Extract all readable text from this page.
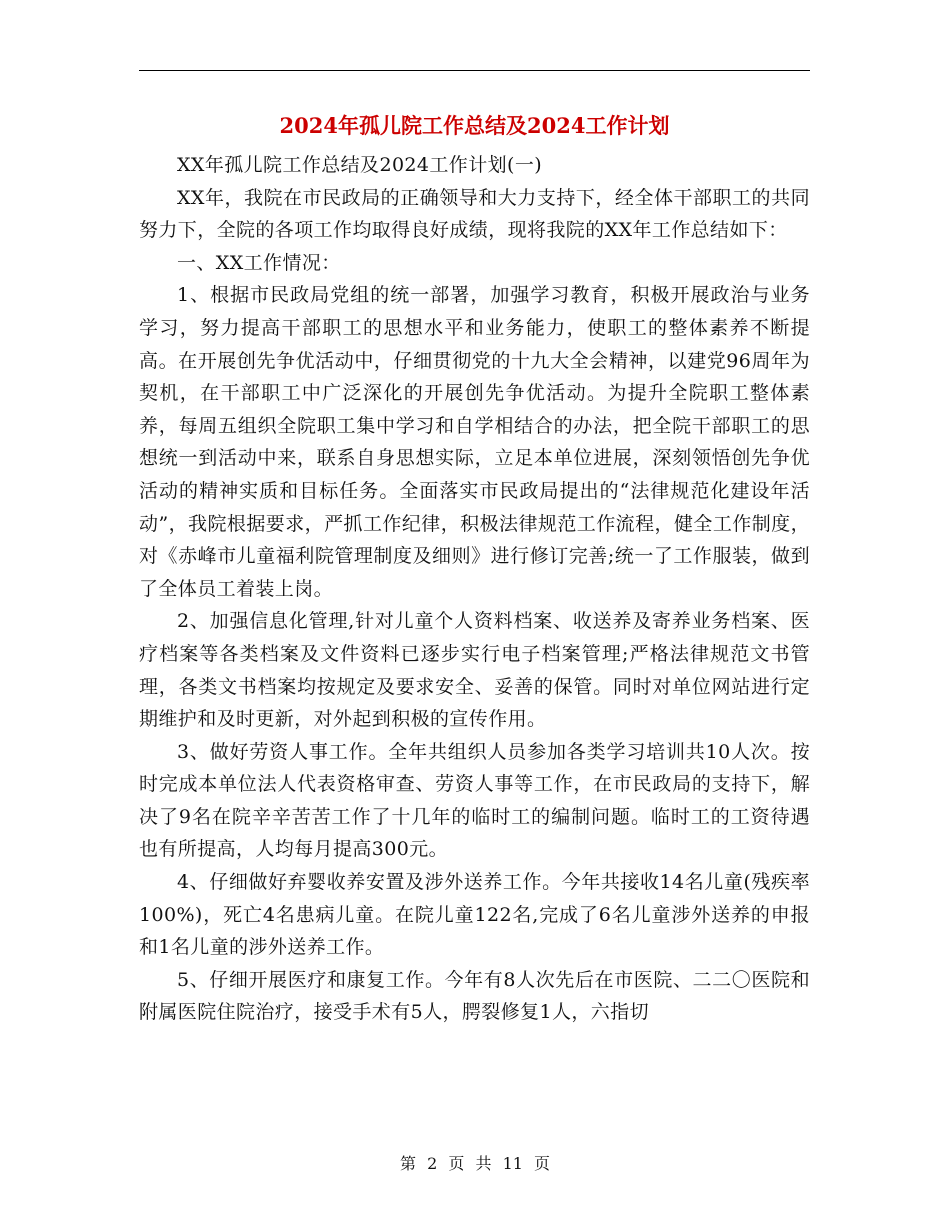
2024年孤儿院工作总结及2024工作计划

XX年孤儿院工作总结及2024工作计划(一)

XX年，我院在市民政局的正确领导和大力支持下，经全体干部职工的共同努力下，全院的各项工作均取得良好成绩，现将我院的XX年工作总结如下：

一、XX工作情况：

1、根据市民政局党组的统一部署，加强学习教育，积极开展政治与业务学习，努力提高干部职工的思想水平和业务能力，使职工的整体素养不断提高。在开展创先争优活动中，仔细贯彻党的十九大全会精神，以建党96周年为契机，在干部职工中广泛深化的开展创先争优活动。为提升全院职工整体素养，每周五组织全院职工集中学习和自学相结合的办法，把全院干部职工的思想统一到活动中来，联系自身思想实际，立足本单位进展，深刻领悟创先争优活动的精神实质和目标任务。全面落实市民政局提出的“法律规范化建设年活动”，我院根据要求，严抓工作纪律，积极法律规范工作流程，健全工作制度，对《赤峰市儿童福利院管理制度及细则》进行修订完善;统一了工作服装，做到了全体员工着装上岗。

2、加强信息化管理,针对儿童个人资料档案、收送养及寄养业务档案、医疗档案等各类档案及文件资料已逐步实行电子档案管理;严格法律规范文书管理，各类文书档案均按规定及要求安全、妥善的保管。同时对单位网站进行定期维护和及时更新，对外起到积极的宣传作用。

3、做好劳资人事工作。全年共组织人员参加各类学习培训共10人次。按时完成本单位法人代表资格审查、劳资人事等工作，在市民政局的支持下，解决了9名在院辛辛苦苦工作了十几年的临时工的编制问题。临时工的工资待遇也有所提高，人均每月提高300元。

4、仔细做好弃婴收养安置及涉外送养工作。今年共接收14名儿童(残疾率100%)，死亡4名患病儿童。在院儿童122名,完成了6名儿童涉外送养的申报和1名儿童的涉外送养工作。

5、仔细开展医疗和康复工作。今年有8人次先后在市医院、二二〇医院和附属医院住院治疗，接受手术有5人，腭裂修复1人，六指切

第 2 页 共 11 页
